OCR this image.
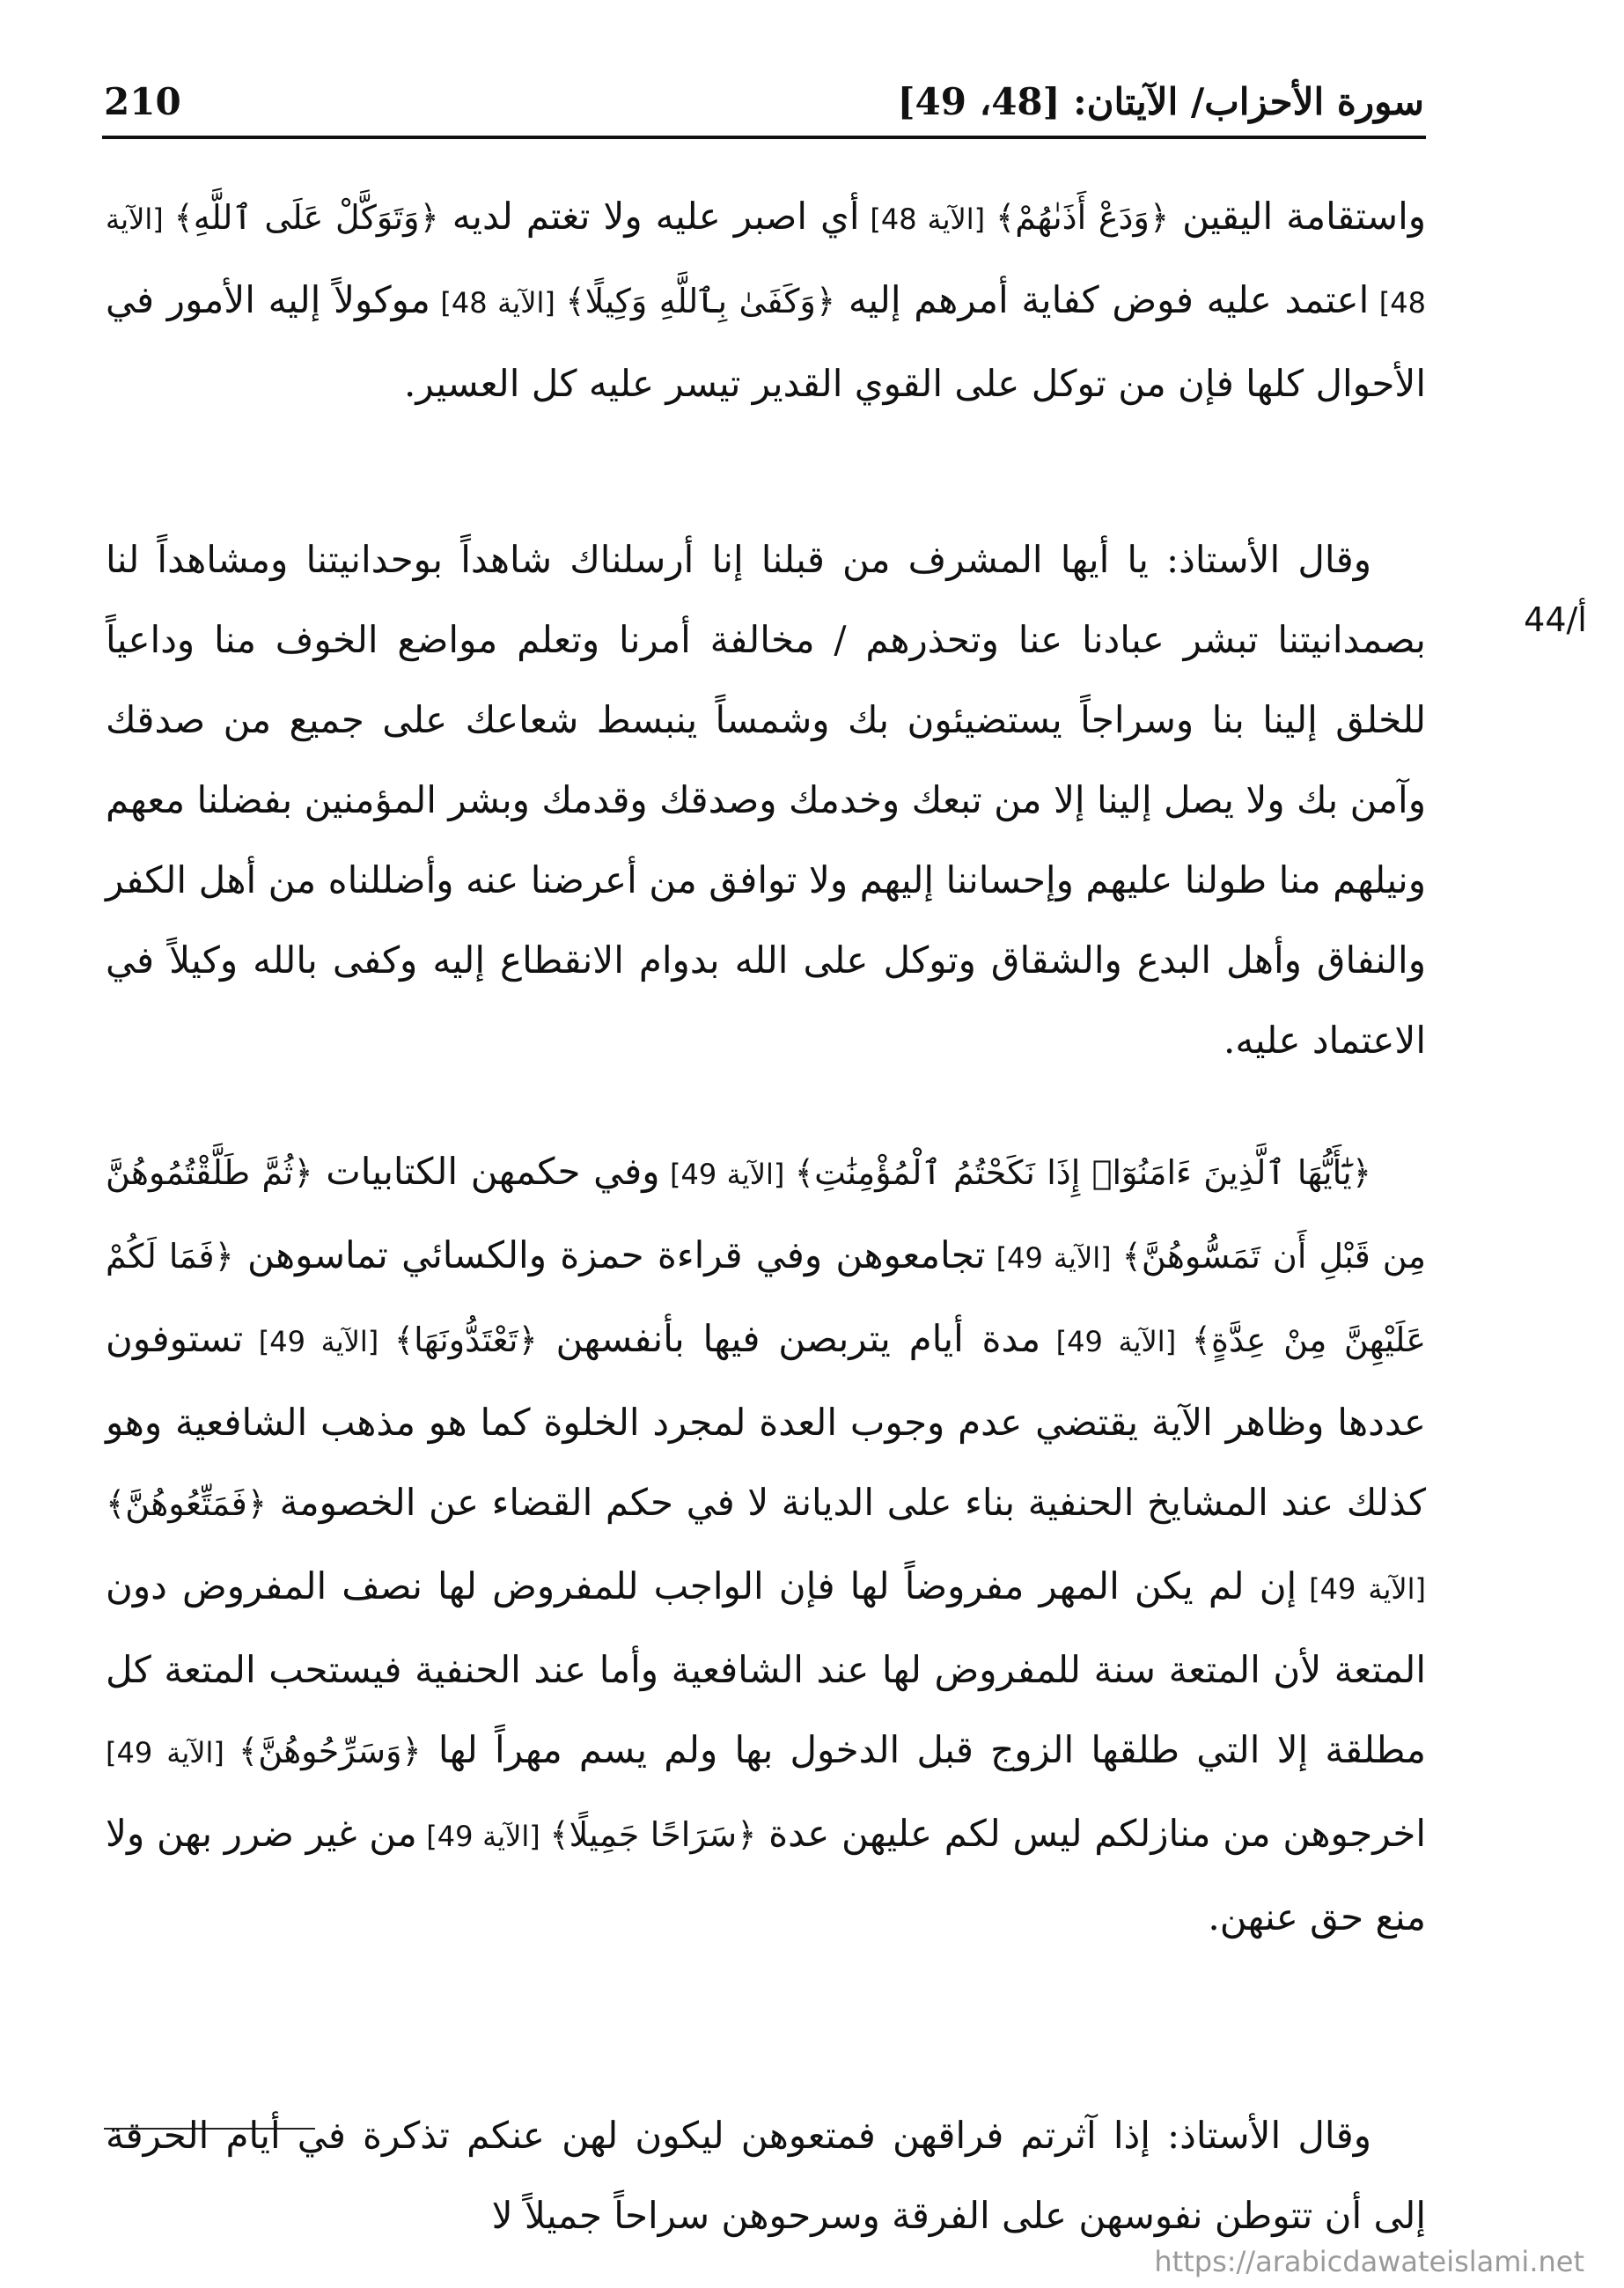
210	سورة الأحزاب/ الآيتان: [48، 49]
واستقامة اليقين ﴿وَدَعْ أَذَىٰهُمْ﴾ [الآية 48] أي اصبر عليه ولا تغتم لديه ﴿وَتَوَكَّلْ عَلَى ٱللَّهِ﴾ [الآية 48] اعتمد عليه فوض كفاية أمرهم إليه ﴿وَكَفَىٰ بِٱللَّهِ وَكِيلًا﴾ [الآية 48] موكولاً إليه الأمور في الأحوال كلها فإن من توكل على القوي القدير تيسر عليه كل العسير.
وقال الأستاذ: يا أيها المشرف من قبلنا إنا أرسلناك شاهداً بوحدانيتنا ومشاهداً لنا بصمدانيتنا تبشر عبادنا عنا وتحذرهم / مخالفة أمرنا وتعلم مواضع الخوف منا وداعياً للخلق إلينا بنا وسراجاً يستضيئون بك وشمساً ينبسط شعاعك على جميع من صدقك وآمن بك ولا يصل إلينا إلا من تبعك وخدمك وصدقك وقدمك وبشر المؤمنين بفضلنا معهم ونيلهم منا طولنا عليهم وإحساننا إليهم ولا توافق من أعرضنا عنه وأضللناه من أهل الكفر والنفاق وأهل البدع والشقاق وتوكل على الله بدوام الانقطاع إليه وكفى بالله وكيلاً في الاعتماد عليه.
44/أ
﴿يَٰٓأَيُّهَا ٱلَّذِينَ ءَامَنُوٓا۟ إِذَا نَكَحْتُمُ ٱلْمُؤْمِنَٰتِ﴾ [الآية 49] وفي حكمهن الكتابيات ﴿ثُمَّ طَلَّقْتُمُوهُنَّ مِن قَبْلِ أَن تَمَسُّوهُنَّ﴾ [الآية 49] تجامعوهن وفي قراءة حمزة والكسائي تماسوهن ﴿فَمَا لَكُمْ عَلَيْهِنَّ مِنْ عِدَّةٍ﴾ [الآية 49] مدة أيام يتربصن فيها بأنفسهن ﴿تَعْتَدُّونَهَا﴾ [الآية 49] تستوفون عددها وظاهر الآية يقتضي عدم وجوب العدة لمجرد الخلوة كما هو مذهب الشافعية وهو كذلك عند المشايخ الحنفية بناء على الديانة لا في حكم القضاء عن الخصومة ﴿فَمَتِّعُوهُنَّ﴾ [الآية 49] إن لم يكن المهر مفروضاً لها فإن الواجب للمفروض لها نصف المفروض دون المتعة لأن المتعة سنة للمفروض لها عند الشافعية وأما عند الحنفية فيستحب المتعة كل مطلقة إلا التي طلقها الزوج قبل الدخول بها ولم يسم مهراً لها ﴿وَسَرِّحُوهُنَّ﴾ [الآية 49] اخرجوهن من منازلكم ليس لكم عليهن عدة ﴿سَرَاحًا جَمِيلًا﴾ [الآية 49] من غير ضرر بهن ولا منع حق عنهن.
وقال الأستاذ: إذا آثرتم فراقهن فمتعوهن ليكون لهن عنكم تذكرة في أيام الحرقة إلى أن تتوطن نفوسهن على الفرقة وسرحوهن سراحاً جميلاً لا
https://arabicdawateislami.net
